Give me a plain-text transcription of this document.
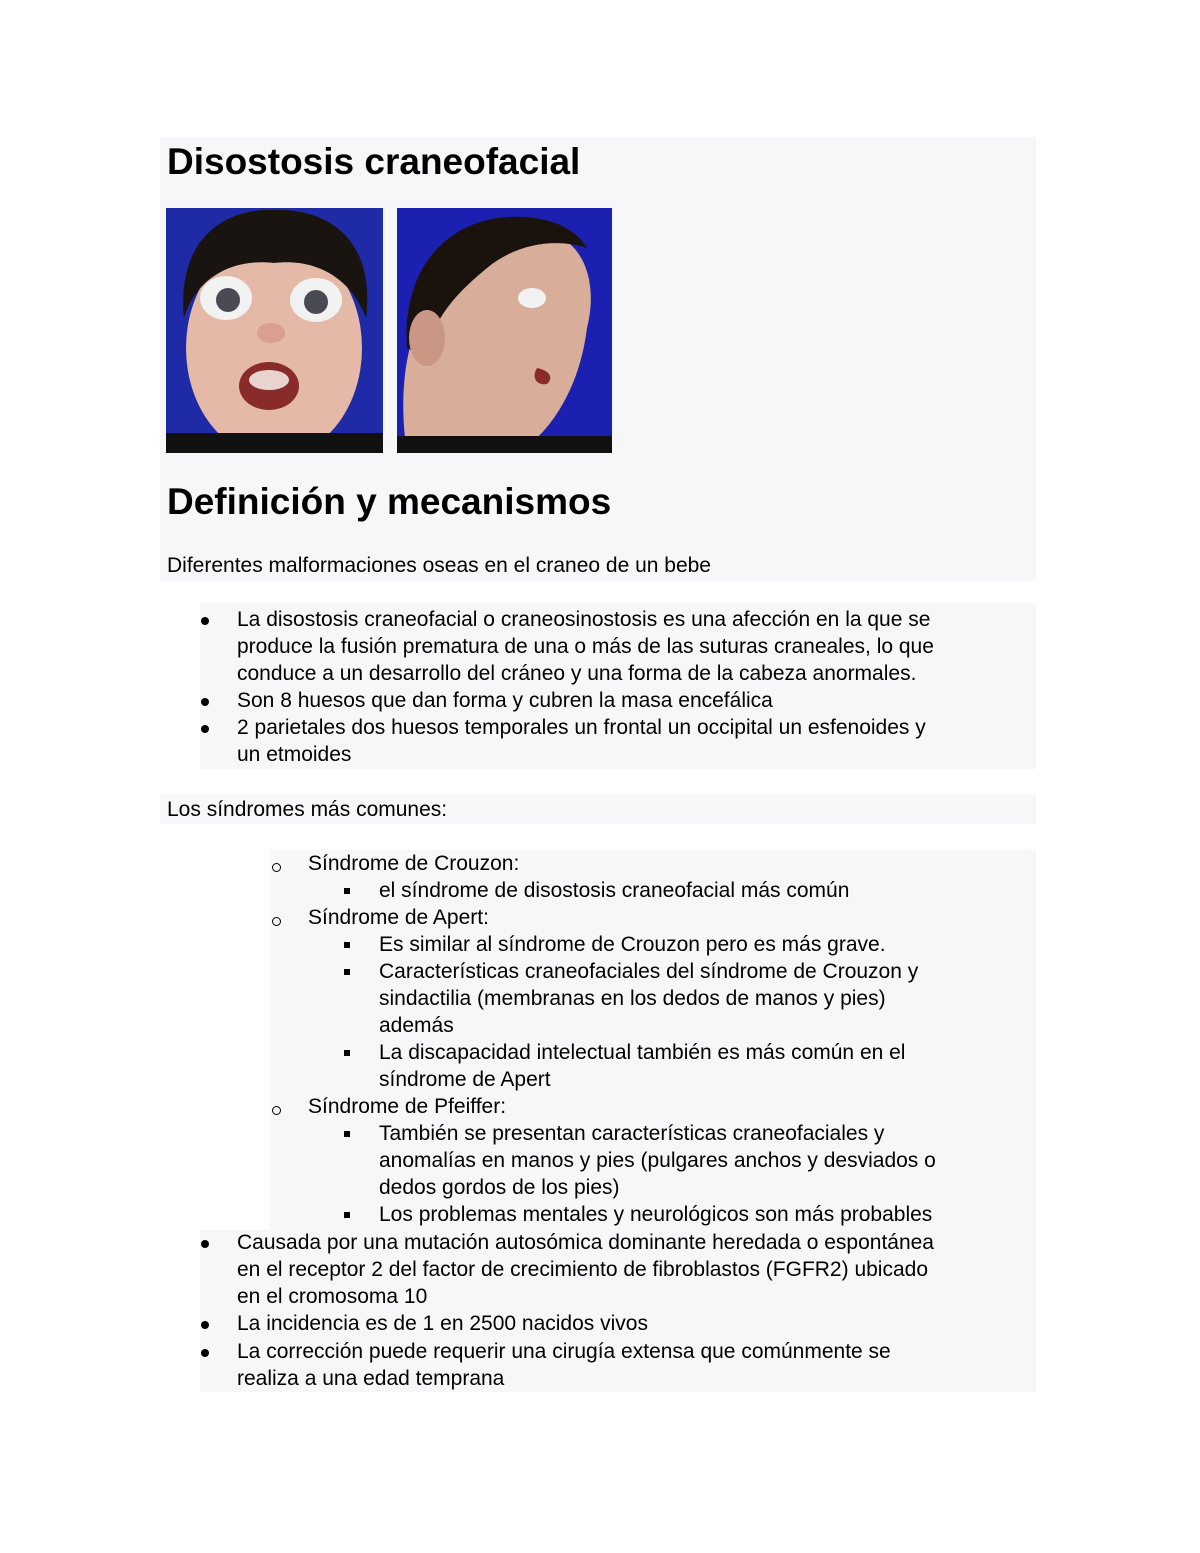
Disostosis craneofacial
Definición y mecanismos

Diferentes malformaciones oseas en el craneo de un bebe

La disostosis craneofacial o craneosinostosis es una afección en la que se
produce la fusión prematura de una o más de las suturas craneales, lo que
conduce a un desarrollo del cráneo y una forma de la cabeza anormales.
Son 8 huesos que dan forma y cubren la masa encefálica
2 parietales dos huesos temporales un frontal un occipital un esfenoides y
un etmoides

Los síndromes más comunes:

Síndrome de Crouzon:
el síndrome de disostosis craneofacial más común
Síndrome de Apert:
Es similar al síndrome de Crouzon pero es más grave.
Características craneofaciales del síndrome de Crouzon y
sindactilia (membranas en los dedos de manos y pies)
además
La discapacidad intelectual también es más común en el
síndrome de Apert
Síndrome de Pfeiffer:
También se presentan características craneofaciales y
anomalías en manos y pies (pulgares anchos y desviados o
dedos gordos de los pies)
Los problemas mentales y neurológicos son más probables
Causada por una mutación autosómica dominante heredada o espontánea
en el receptor 2 del factor de crecimiento de fibroblastos (FGFR2) ubicado
en el cromosoma 10
La incidencia es de 1 en 2500 nacidos vivos
La corrección puede requerir una cirugía extensa que comúnmente se
realiza a una edad temprana
